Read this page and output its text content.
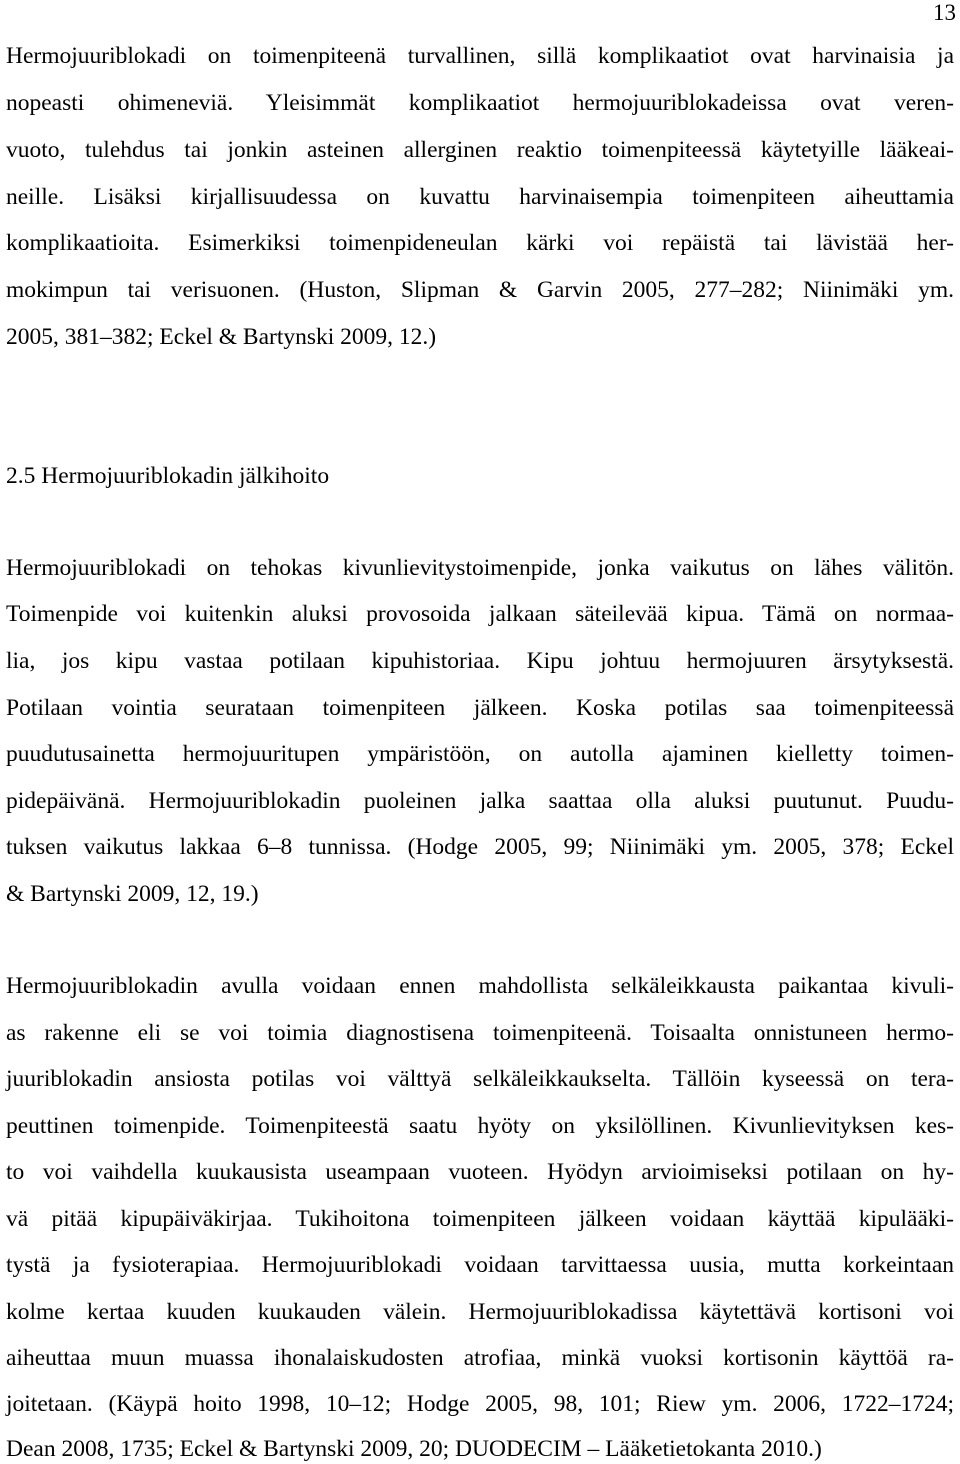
13
Hermojuuriblokadi on toimenpiteenä turvallinen, sillä komplikaatiot ovat harvinaisia ja
nopeasti ohimeneviä. Yleisimmät komplikaatiot hermojuuriblokadeissa ovat veren-
vuoto, tulehdus tai jonkin asteinen allerginen reaktio toimenpiteessä käytetyille lääkeai-
neille. Lisäksi kirjallisuudessa on kuvattu harvinaisempia toimenpiteen aiheuttamia
komplikaatioita. Esimerkiksi toimenpideneulan kärki voi repäistä tai lävistää her-
mokimpun tai verisuonen. (Huston, Slipman & Garvin 2005, 277–282; Niinimäki ym.
2005, 381–382; Eckel & Bartynski 2009, 12.)
2.5 Hermojuuriblokadin jälkihoito
Hermojuuriblokadi on tehokas kivunlievitystoimenpide, jonka vaikutus on lähes välitön.
Toimenpide voi kuitenkin aluksi provosoida jalkaan säteilevää kipua. Tämä on normaa-
lia, jos kipu vastaa potilaan kipuhistoriaa. Kipu johtuu hermojuuren ärsytyksestä.
Potilaan vointia seurataan toimenpiteen jälkeen. Koska potilas saa toimenpiteessä
puudutusainetta hermojuuritupen ympäristöön, on autolla ajaminen kielletty toimen-
pidepäivänä. Hermojuuriblokadin puoleinen jalka saattaa olla aluksi puutunut. Puudu-
tuksen vaikutus lakkaa 6–8 tunnissa. (Hodge 2005, 99; Niinimäki ym. 2005, 378; Eckel
& Bartynski 2009, 12, 19.)
Hermojuuriblokadin avulla voidaan ennen mahdollista selkäleikkausta paikantaa kivuli-
as rakenne eli se voi toimia diagnostisena toimenpiteenä. Toisaalta onnistuneen hermo-
juuriblokadin ansiosta potilas voi välttyä selkäleikkaukselta. Tällöin kyseessä on tera-
peuttinen toimenpide. Toimenpiteestä saatu hyöty on yksilöllinen. Kivunlievityksen kes-
to voi vaihdella kuukausista useampaan vuoteen. Hyödyn arvioimiseksi potilaan on hy-
vä pitää kipupäiväkirjaa. Tukihoitona toimenpiteen jälkeen voidaan käyttää kipulääki-
tystä ja fysioterapiaa. Hermojuuriblokadi voidaan tarvittaessa uusia, mutta korkeintaan
kolme kertaa kuuden kuukauden välein. Hermojuuriblokadissa käytettävä kortisoni voi
aiheuttaa muun muassa ihonalaiskudosten atrofiaa, minkä vuoksi kortisonin käyttöä ra-
joitetaan. (Käypä hoito 1998, 10–12; Hodge 2005, 98, 101; Riew ym. 2006, 1722–1724;
Dean 2008, 1735; Eckel & Bartynski 2009, 20; DUODECIM – Lääketietokanta 2010.)
